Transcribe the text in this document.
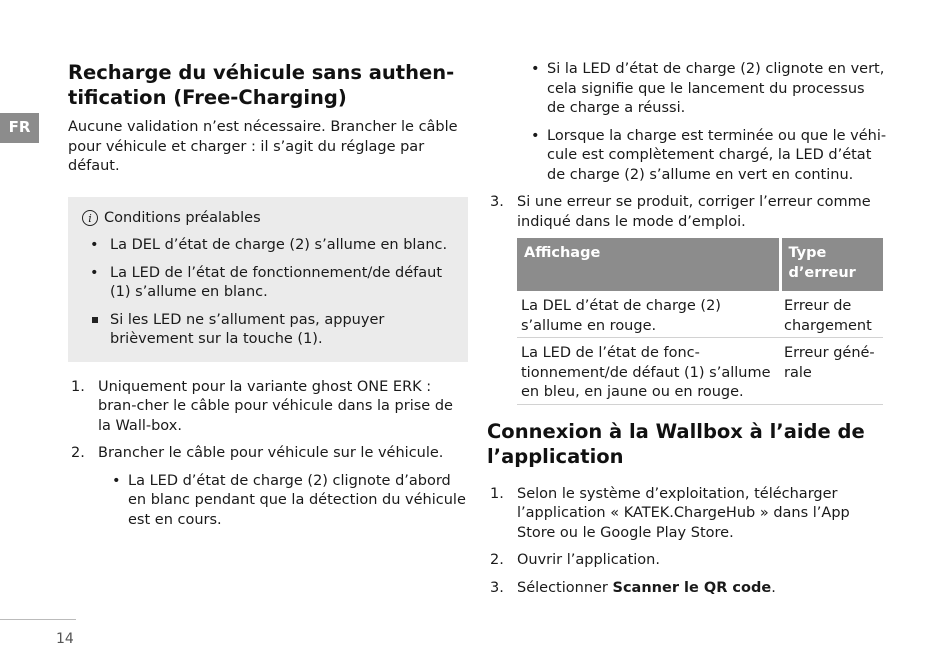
FR
Recharge du véhicule sans authen-
tification (Free-Charging)

Aucune validation n’est nécessaire. Brancher le câble pour véhicule et charger : il s’agit du réglage par défaut.

i Conditions préalables
• La DEL d’état de charge (2) s’allume en blanc.
• La LED de l’état de fonctionnement/de défaut (1) s’allume en blanc.
Si les LED ne s’allument pas, appuyer brièvement sur la touche (1).
1. Uniquement pour la variante ghost ONE ERK : bran-cher le câble pour véhicule dans la prise de la Wall-box.
2. Brancher le câble pour véhicule sur le véhicule.
• La LED d’état de charge (2) clignote d’abord en blanc pendant que la détection du véhicule est en cours.
• Si la LED d’état de charge (2) clignote en vert, cela signifie que le lancement du processus de charge a réussi.
• Lorsque la charge est terminée ou que le véhi-cule est complètement chargé, la LED d’état de charge (2) s’allume en vert en continu.
3. Si une erreur se produit, corriger l’erreur comme indiqué dans le mode d’emploi.
Affichage	Type d’erreur
La DEL d’état de charge (2) s’allume en rouge.	Erreur de chargement
La LED de l’état de fonc-tionnement/de défaut (1) s’allume en bleu, en jaune ou en rouge.	Erreur géné-rale
Connexion à la Wallbox à l’aide de l’application
1. Selon le système d’exploitation, télécharger l’application « KATEK.ChargeHub » dans l’App Store ou le Google Play Store.
2. Ouvrir l’application.
3. Sélectionner Scanner le QR code.
14
